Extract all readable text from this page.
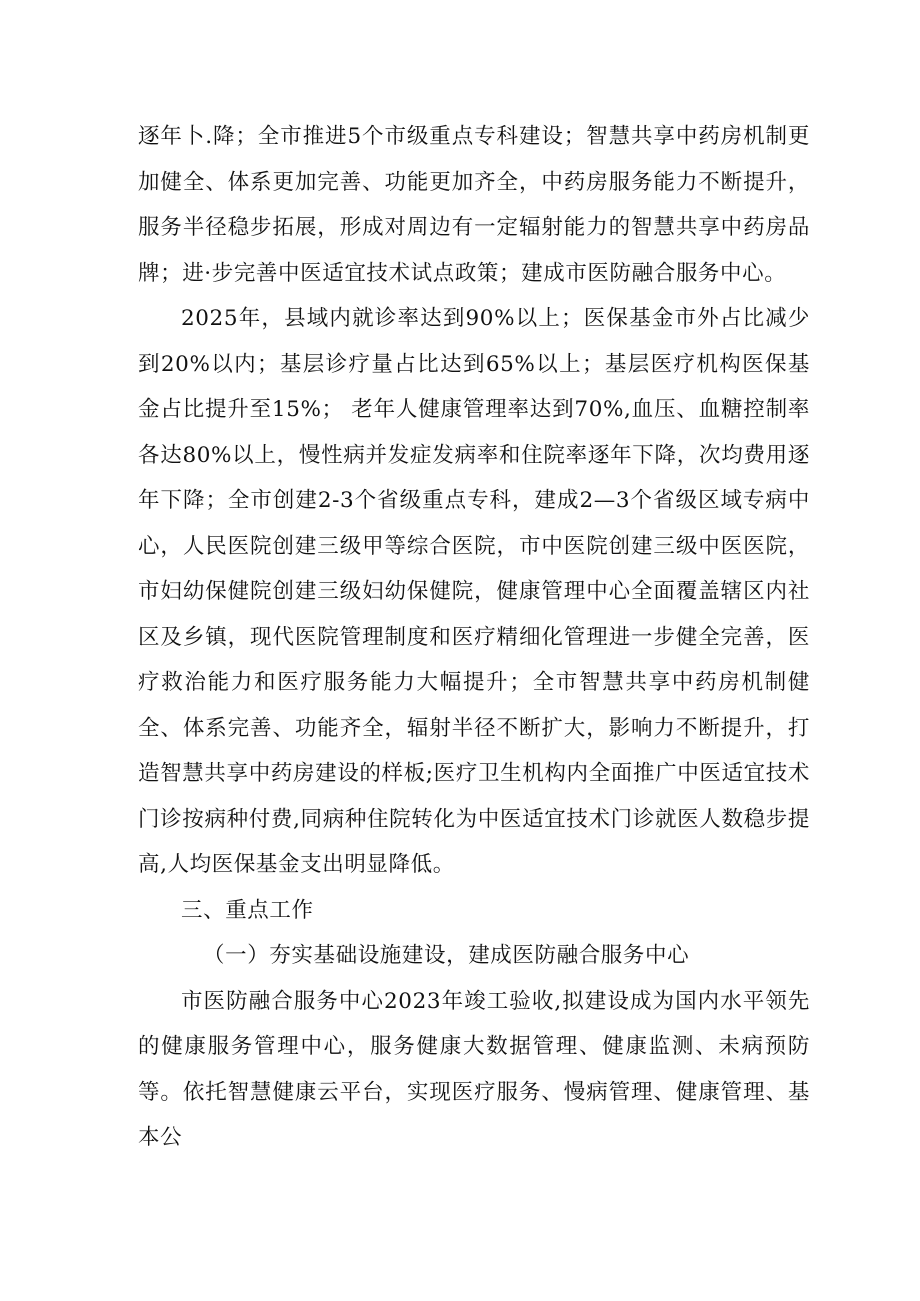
逐年卜.降；全市推进5个市级重点专科建设；智慧共享中药房机制更加健全、体系更加完善、功能更加齐全，中药房服务能力不断提升，服务半径稳步拓展，形成对周边有一定辐射能力的智慧共享中药房品牌；进·步完善中医适宜技术试点政策；建成市医防融合服务中心。

2025年，县域内就诊率达到90%以上；医保基金市外占比减少到20%以内；基层诊疗量占比达到65%以上；基层医疗机构医保基金占比提升至15%； 老年人健康管理率达到70%,血压、血糖控制率各达80%以上，慢性病并发症发病率和住院率逐年下降，次均费用逐年下降；全市创建2-3个省级重点专科，建成2—3个省级区域专病中心，人民医院创建三级甲等综合医院，市中医院创建三级中医医院，市妇幼保健院创建三级妇幼保健院，健康管理中心全面覆盖辖区内社区及乡镇，现代医院管理制度和医疗精细化管理进一步健全完善，医疗救治能力和医疗服务能力大幅提升；全市智慧共享中药房机制健全、体系完善、功能齐全，辐射半径不断扩大，影响力不断提升，打造智慧共享中药房建设的样板;医疗卫生机构内全面推广中医适宜技术门诊按病种付费,同病种住院转化为中医适宜技术门诊就医人数稳步提高,人均医保基金支出明显降低。

三、重点工作

（一）夯实基础设施建设，建成医防融合服务中心

市医防融合服务中心2023年竣工验收,拟建设成为国内水平领先的健康服务管理中心，服务健康大数据管理、健康监测、未病预防等。依托智慧健康云平台，实现医疗服务、慢病管理、健康管理、基本公
